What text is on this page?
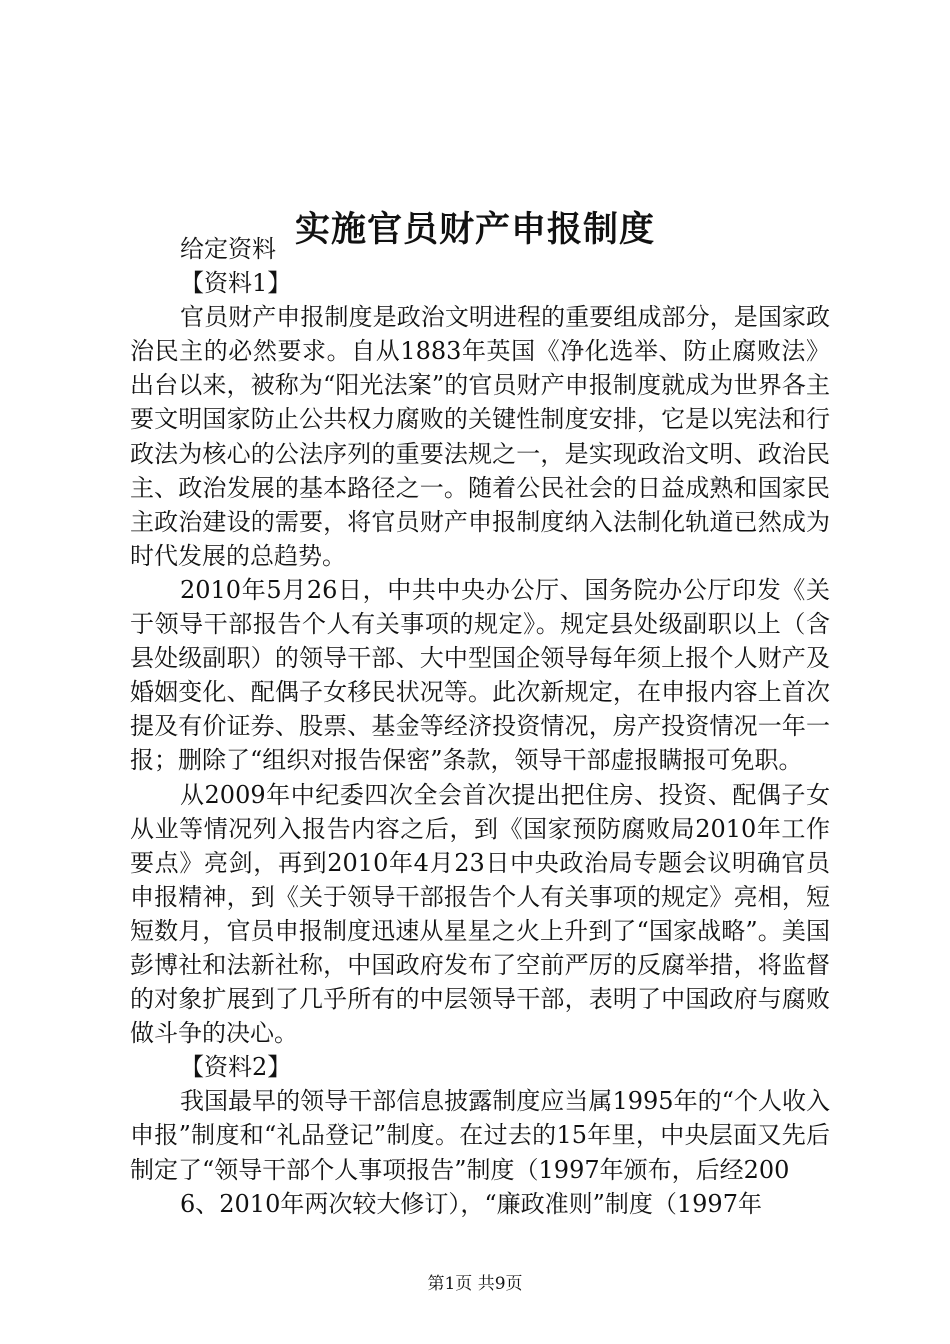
实施官员财产申报制度

给定资料

【资料1】

官员财产申报制度是政治文明进程的重要组成部分，是国家政治民主的必然要求。自从1883年英国《净化选举、防止腐败法》出台以来，被称为“阳光法案”的官员财产申报制度就成为世界各主要文明国家防止公共权力腐败的关键性制度安排，它是以宪法和行政法为核心的公法序列的重要法规之一，是实现政治文明、政治民主、政治发展的基本路径之一。随着公民社会的日益成熟和国家民主政治建设的需要，将官员财产申报制度纳入法制化轨道已然成为时代发展的总趋势。

2010年5月26日，中共中央办公厅、国务院办公厅印发《关于领导干部报告个人有关事项的规定》。规定县处级副职以上（含县处级副职）的领导干部、大中型国企领导每年须上报个人财产及婚姻变化、配偶子女移民状况等。此次新规定，在申报内容上首次提及有价证券、股票、基金等经济投资情况，房产投资情况一年一报；删除了“组织对报告保密”条款，领导干部虚报瞒报可免职。

从2009年中纪委四次全会首次提出把住房、投资、配偶子女从业等情况列入报告内容之后，到《国家预防腐败局2010年工作要点》亮剑，再到2010年4月23日中央政治局专题会议明确官员申报精神，到《关于领导干部报告个人有关事项的规定》亮相，短短数月，官员申报制度迅速从星星之火上升到了“国家战略”。美国彭博社和法新社称，中国政府发布了空前严厉的反腐举措，将监督的对象扩展到了几乎所有的中层领导干部，表明了中国政府与腐败做斗争的决心。

【资料2】

我国最早的领导干部信息披露制度应当属1995年的“个人收入申报”制度和“礼品登记”制度。在过去的15年里，中央层面又先后制定了“领导干部个人事项报告”制度（1997年颁布，后经200

6、2010年两次较大修订），“廉政准则”制度（1997年

第1页 共9页
